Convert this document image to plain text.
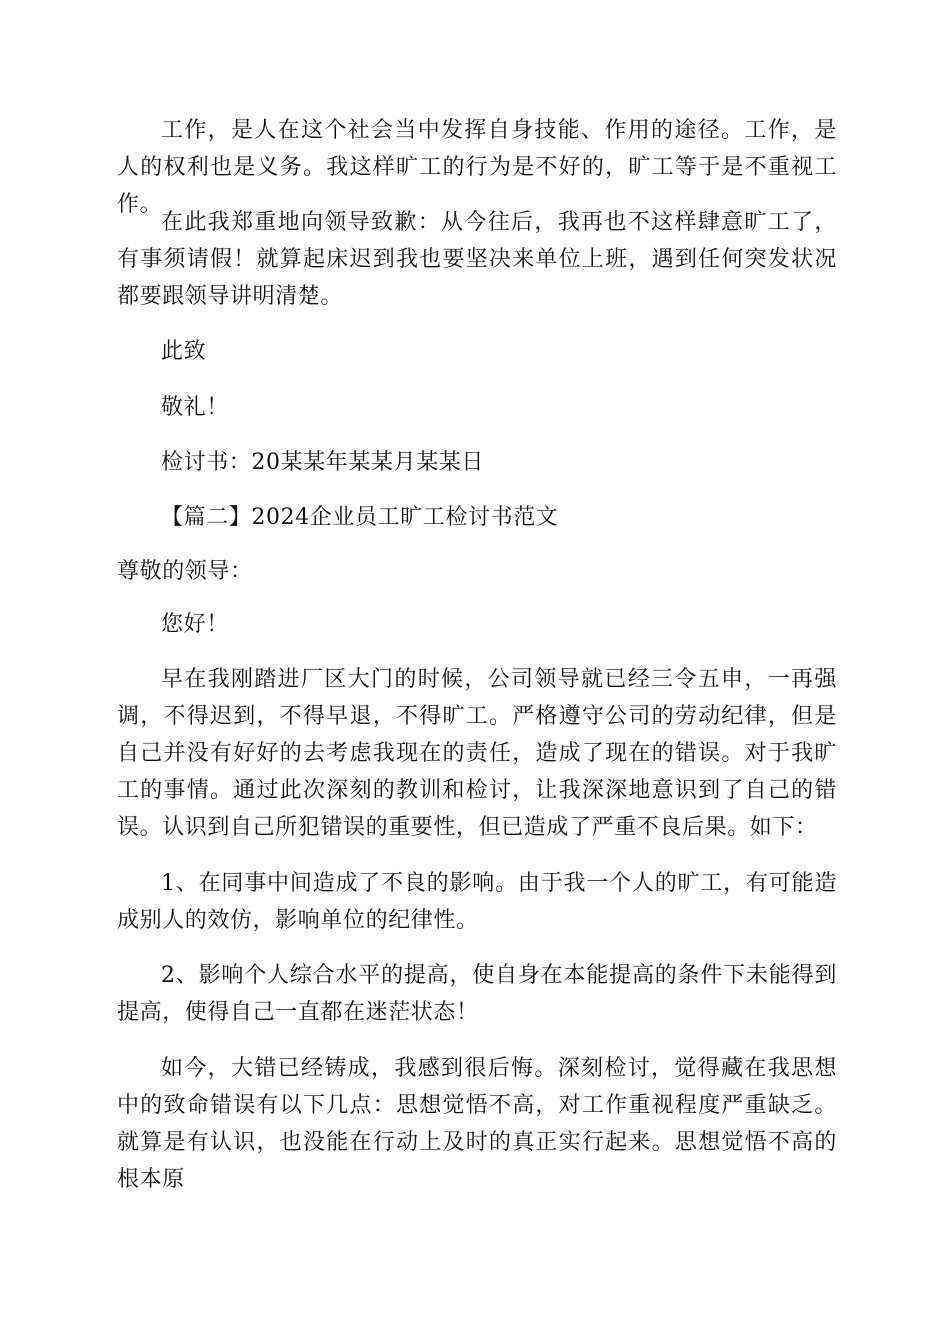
工作，是人在这个社会当中发挥自身技能、作用的途径。工作，是人的权利也是义务。我这样旷工的行为是不好的，旷工等于是不重视工作。

在此我郑重地向领导致歉：从今往后，我再也不这样肆意旷工了，有事须请假！就算起床迟到我也要坚决来单位上班，遇到任何突发状况都要跟领导讲明清楚。

此致

敬礼！

检讨书：20某某年某某月某某日

【篇二】2024企业员工旷工检讨书范文

尊敬的领导：

您好！

早在我刚踏进厂区大门的时候，公司领导就已经三令五申，一再强调，不得迟到，不得早退，不得旷工。严格遵守公司的劳动纪律，但是自己并没有好好的去考虑我现在的责任，造成了现在的错误。对于我旷工的事情。通过此次深刻的教训和检讨，让我深深地意识到了自己的错误。认识到自己所犯错误的重要性，但已造成了严重不良后果。如下：

1、在同事中间造成了不良的影响。由于我一个人的旷工，有可能造成别人的效仿，影响单位的纪律性。

2、影响个人综合水平的提高，使自身在本能提高的条件下未能得到提高，使得自己一直都在迷茫状态！

如今，大错已经铸成，我感到很后悔。深刻检讨，觉得藏在我思想中的致命错误有以下几点：思想觉悟不高，对工作重视程度严重缺乏。就算是有认识，也没能在行动上及时的真正实行起来。思想觉悟不高的根本原
